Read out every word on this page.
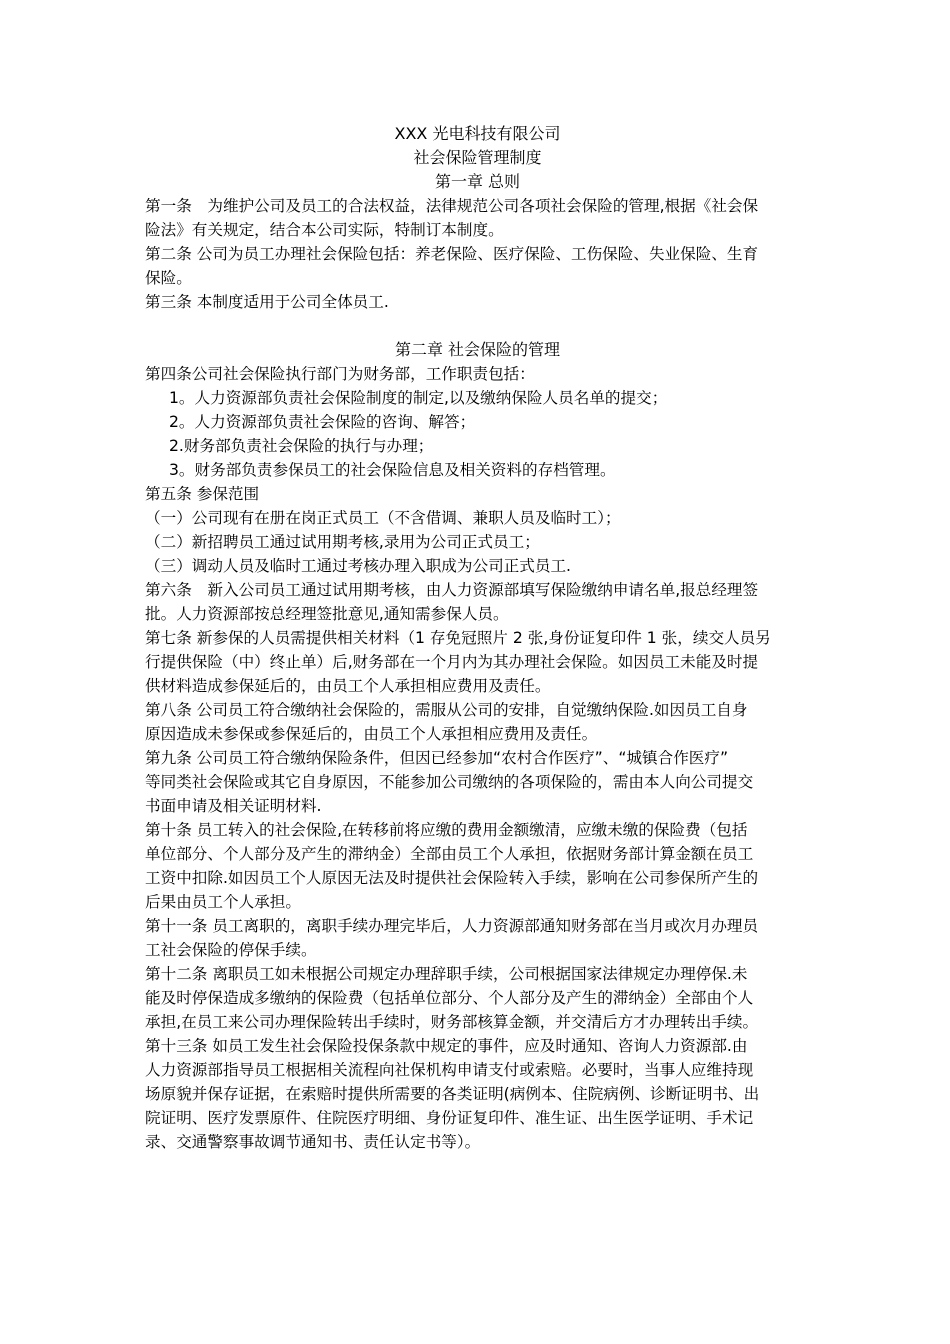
XXX 光电科技有限公司
社会保险管理制度
第一章 总则
第一条　为维护公司及员工的合法权益，法律规范公司各项社会保险的管理,根据《社会保
险法》有关规定，结合本公司实际，特制订本制度。
第二条 公司为员工办理社会保险包括：养老保险、医疗保险、工伤保险、失业保险、生育
保险。
第三条 本制度适用于公司全体员工.
第二章 社会保险的管理
第四条公司社会保险执行部门为财务部，工作职责包括：
1。人力资源部负责社会保险制度的制定,以及缴纳保险人员名单的提交；
2。人力资源部负责社会保险的咨询、解答；
2.财务部负责社会保险的执行与办理；
3。财务部负责参保员工的社会保险信息及相关资料的存档管理。
第五条 参保范围
（一）公司现有在册在岗正式员工（不含借调、兼职人员及临时工）；
（二）新招聘员工通过试用期考核,录用为公司正式员工；
（三）调动人员及临时工通过考核办理入职成为公司正式员工.
第六条　新入公司员工通过试用期考核，由人力资源部填写保险缴纳申请名单,报总经理签
批。人力资源部按总经理签批意见,通知需参保人员。
第七条 新参保的人员需提供相关材料（1 存免冠照片 2 张,身份证复印件 1 张，续交人员另
行提供保险（中）终止单）后,财务部在一个月内为其办理社会保险。如因员工未能及时提
供材料造成参保延后的，由员工个人承担相应费用及责任。
第八条 公司员工符合缴纳社会保险的，需服从公司的安排，自觉缴纳保险.如因员工自身
原因造成未参保或参保延后的，由员工个人承担相应费用及责任。
第九条 公司员工符合缴纳保险条件，但因已经参加“农村合作医疗”、“城镇合作医疗”
等同类社会保险或其它自身原因，不能参加公司缴纳的各项保险的，需由本人向公司提交
书面申请及相关证明材料.
第十条 员工转入的社会保险,在转移前将应缴的费用金额缴清，应缴未缴的保险费（包括
单位部分、个人部分及产生的滞纳金）全部由员工个人承担，依据财务部计算金额在员工
工资中扣除.如因员工个人原因无法及时提供社会保险转入手续，影响在公司参保所产生的
后果由员工个人承担。
第十一条 员工离职的，离职手续办理完毕后，人力资源部通知财务部在当月或次月办理员
工社会保险的停保手续。
第十二条 离职员工如未根据公司规定办理辞职手续，公司根据国家法律规定办理停保.未
能及时停保造成多缴纳的保险费（包括单位部分、个人部分及产生的滞纳金）全部由个人
承担,在员工来公司办理保险转出手续时，财务部核算金额，并交清后方才办理转出手续。
第十三条 如员工发生社会保险投保条款中规定的事件，应及时通知、咨询人力资源部.由
人力资源部指导员工根据相关流程向社保机构申请支付或索赔。必要时，当事人应维持现
场原貌并保存证据，在索赔时提供所需要的各类证明(病例本、住院病例、诊断证明书、出
院证明、医疗发票原件、住院医疗明细、身份证复印件、准生证、出生医学证明、手术记
录、交通警察事故调节通知书、责任认定书等）。
